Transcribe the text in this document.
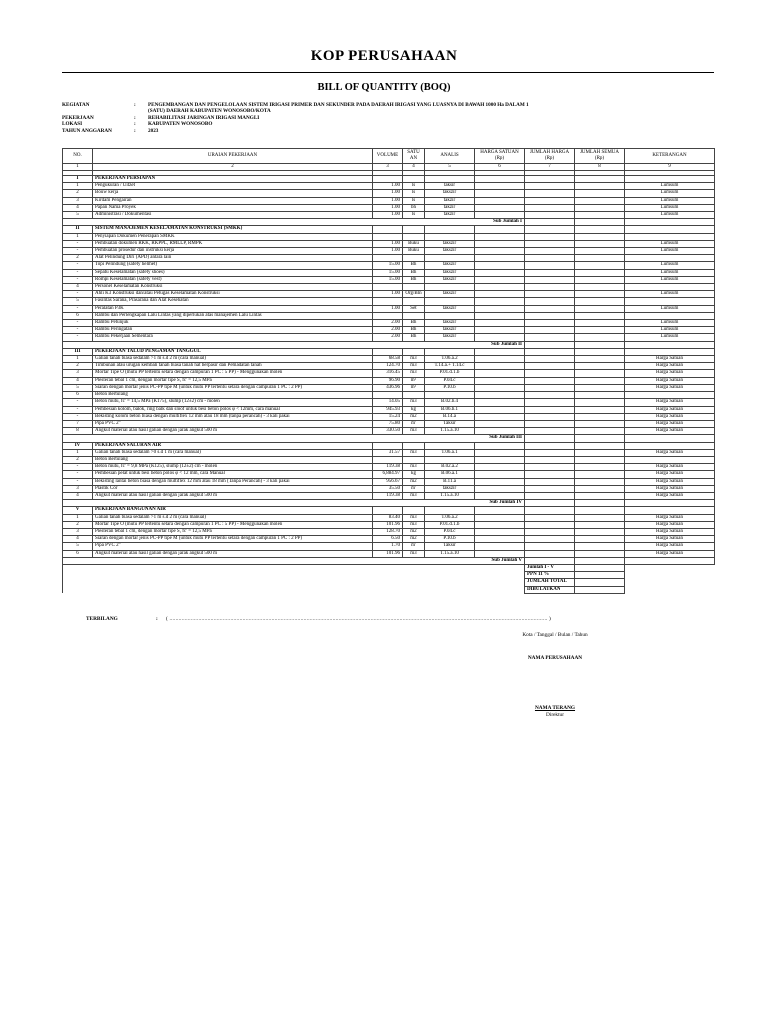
KOP PERUSAHAAN
BILL OF QUANTITY (BOQ)
KEGIATAN	:	PENGEMBANGAN DAN PENGELOLAAN SISTEM IRIGASI PRIMER DAN SEKUNDER PADA DAERAH IRIGASI YANG LUASNYA DI BAWAH 1000 Ha DALAM 1
(SATU) DAERAH KABUPATEN WONOSOBO/KOTA
PEKERJAAN	:	REHABILITASI JARINGAN IRIGASI MANGLI
LOKASI	:	KABUPATEN WONOSOBO
TAHUN ANGGARAN	:	2023
NO.	URAIAN PEKERJAAN	VOLUME	SATU AN	ANALIS	HARGA SATUAN (Rp)	JUMLAH HARGA (Rp)	JUMLAH SEMUA (Rp)	KETERANGAN
1	2	3	4	5	6	7	8	9

I	PEKERJAAN PERSIAPAN							
1	Pengukuran / Uitzet	1.00	ls	taksir				Lumsum
2	Bouw kerja	1.00	ls	takszir				Lumsum
3	Kirdam Pengairan	1.00	ls	takzir				Lumsum
4	Papan Nama Proyek	1.00	bh	takzir				Lumsum
5	Administrasi / Dokumentasi	1.00	ls	takzir				Lumsum
Sub Jumlah I								
II	SISTEM MANAJEMEN KESELAMATAN KONSTRUKSI (SMKK)							
1	Penyiapan Dokumen Penerapan SMKK							
-	Pembuatan dokumen RKK, RKPPL, RMLLP, RMPK	1.00	Buku	takszir				Lumsum
-	Pembuatan prosedur dan instruksi kerja	1.00	Buku	takszir				Lumsum
2	Alat Pelindung Diri (APD) antara lain							
-	Topi Pelindung (safety helmet)	15.00	Bh	takszir				Lumsum
-	Sepatu Keselamatan (safety shoes)	15.00	Bh	takszir				Lumsum
-	Rompi Keselamatan (safety vest)	15.00	Bh	takszir				Lumsum
4	Personel Keselamatan Konstruksi							
-	Ahli K3 Konstruksi dan/atau Petugas Keselamatan Konstruksi	1.00	Org/Bln	takszir				Lumsum
5	Fasilitas Sarana, Prasarana dan Alat Kesehatan							
-	Peralatan P3K	1.00	Set	takszir				Lumsum
6	Rambu dan Perlengkapan Lalu Lintas yang diperlukan atas manajemen Lalu Lintas							
-	Rambu Petunjuk	2.00	Bh	takszir				Lumsum
-	Rambu Peringatan	2.00	Bh	takszir				Lumsum
-	Rambu Pekerjaan Sementara	2.00	Bh	takszir				Lumsum
Sub Jumlah II								
III	PEKERJAAN TALUD PENGAMAN TANGGUL							
1	Galian tanah biasa sedalam >1 m s.d 2 m (cara manual)	68.58	m3	T.06.a.2				Harga Satuan
2	Timbunan atau urugan kembali tanah biasa tanah hat berpasir dan Pemadatan tanah	124.70	m3	T.14.a.+ T.14.c				Harga Satuan
3	Mortar Tipe O (mutu PP tertentu setara dengan campuran 1 PC : 5 PP) - Menggunakan molen	316.45	m3	P.01.d.1.b				Harga Satuan
4	Plesteran tebal 1 cm, dengan mortar tipe S, fc' = 12,5 MPa	96.90	m²	P.04.c				Harga Satuan
5	Siaran dengan mortar jenis PC-PP tipe M (untuk mutu PP tertentu setara dengan campuran 1 PC : 2 PP)	436.96	m²	P.10.b				Harga Satuan
6	Beton Bertulang							
-	Beton mutu, fc' = 14,5 MPa (K175), slump (12±2) cm - molen	14.05	m3	B.02.b.4				Harga Satuan
-	Pembesian kolom, balok, ring balk dan sloof untuk besi beton polos φ < 12mm, cara manual	945.93	kg	B.06.b.1				Harga Satuan
-	Bekisting kolom beton biasa dengan multiflex 12 mm atau 18 mm (tanpa perancah) - 3 kali pakai	15.24	m2	B.14.a				Harga Satuan
7	Pipa PVC 2"	75.80	m'	Taksir				Harga Satuan
8	Angkut material atau hasil galian dengan jarak angkut 500 m	330.50	m3	T.15.a.10				Harga Satuan
Sub Jumlah III								
IV	PEKERJAAN SALURAN AIR							
1	Galian tanah biasa sedalam >0 s.d 1 m (cara manual)	31.57	m3	T.06.a.1				Harga Satuan
2	Beton Bertulang							
-	Beton mutu, fc' = 9,8 MPa (K125), slump (12±2) cm - molen	119.38	m3	B.02.a.2				Harga Satuan
-	Pembesian pelat untuk besi beton polos φ < 12 mm, cara Manual	6,884.97	kg	B.06.a.1				Harga Satuan
-	Bekisting lantai beton biasa dengan multiflex 12 mm atau 18 mm (Tanpa Perancah) - 3 kali pakai	956.67	m2	B.11.a				Harga Satuan
3	Plastik Cor	35.50	m'	takszir				Harga Satuan
4	Angkut material atau hasil galian dengan jarak angkut 500 m	119.38	m3	T.15.a.10				Harga Satuan
Sub Jumlah IV								
V	PEKERJAAN BANGUNAN AIR							
1	Galian tanah biasa sedalam >1 m s.d 2 m (cara manual)	83.40	m3	T.06.a.2				Harga Satuan
2	Mortar Tipe O (mutu PP tertentu setara dengan campuran 1 PC : 5 PP) - Menggunakan molen	101.96	m3	P.01.d.1.b				Harga Satuan
3	Plesteran tebal 1 cm, dengan mortar tipe S, fc' = 12,5 MPa	128.70	m2	P.04.c				Harga Satuan
4	Siaran dengan mortar jenis PC-PP tipe M (untuk mutu PP tertentu setara dengan campuran 1 PC : 2 PP)	6.50	m2	P.10.b				Harga Satuan
5	Pipa PVC 2"	1.70	m'	Taksir				Harga Satuan
6	Angkut material atau hasil galian dengan jarak angkut 500 m	101.96	m3	T.15.a.10				Harga Satuan
Sub Jumlah V								
						Jumlah I - V		
						PPN 11 %		
						JUMLAH TOTAL		
						DIBULATKAN		
TERBILANG	:	( ........................................................................................................................................................................................................................................................ )
Kota / Tanggal / Bulan / Tahun
NAMA PERUSAHAAN
NAMA TERANG
Direktur
